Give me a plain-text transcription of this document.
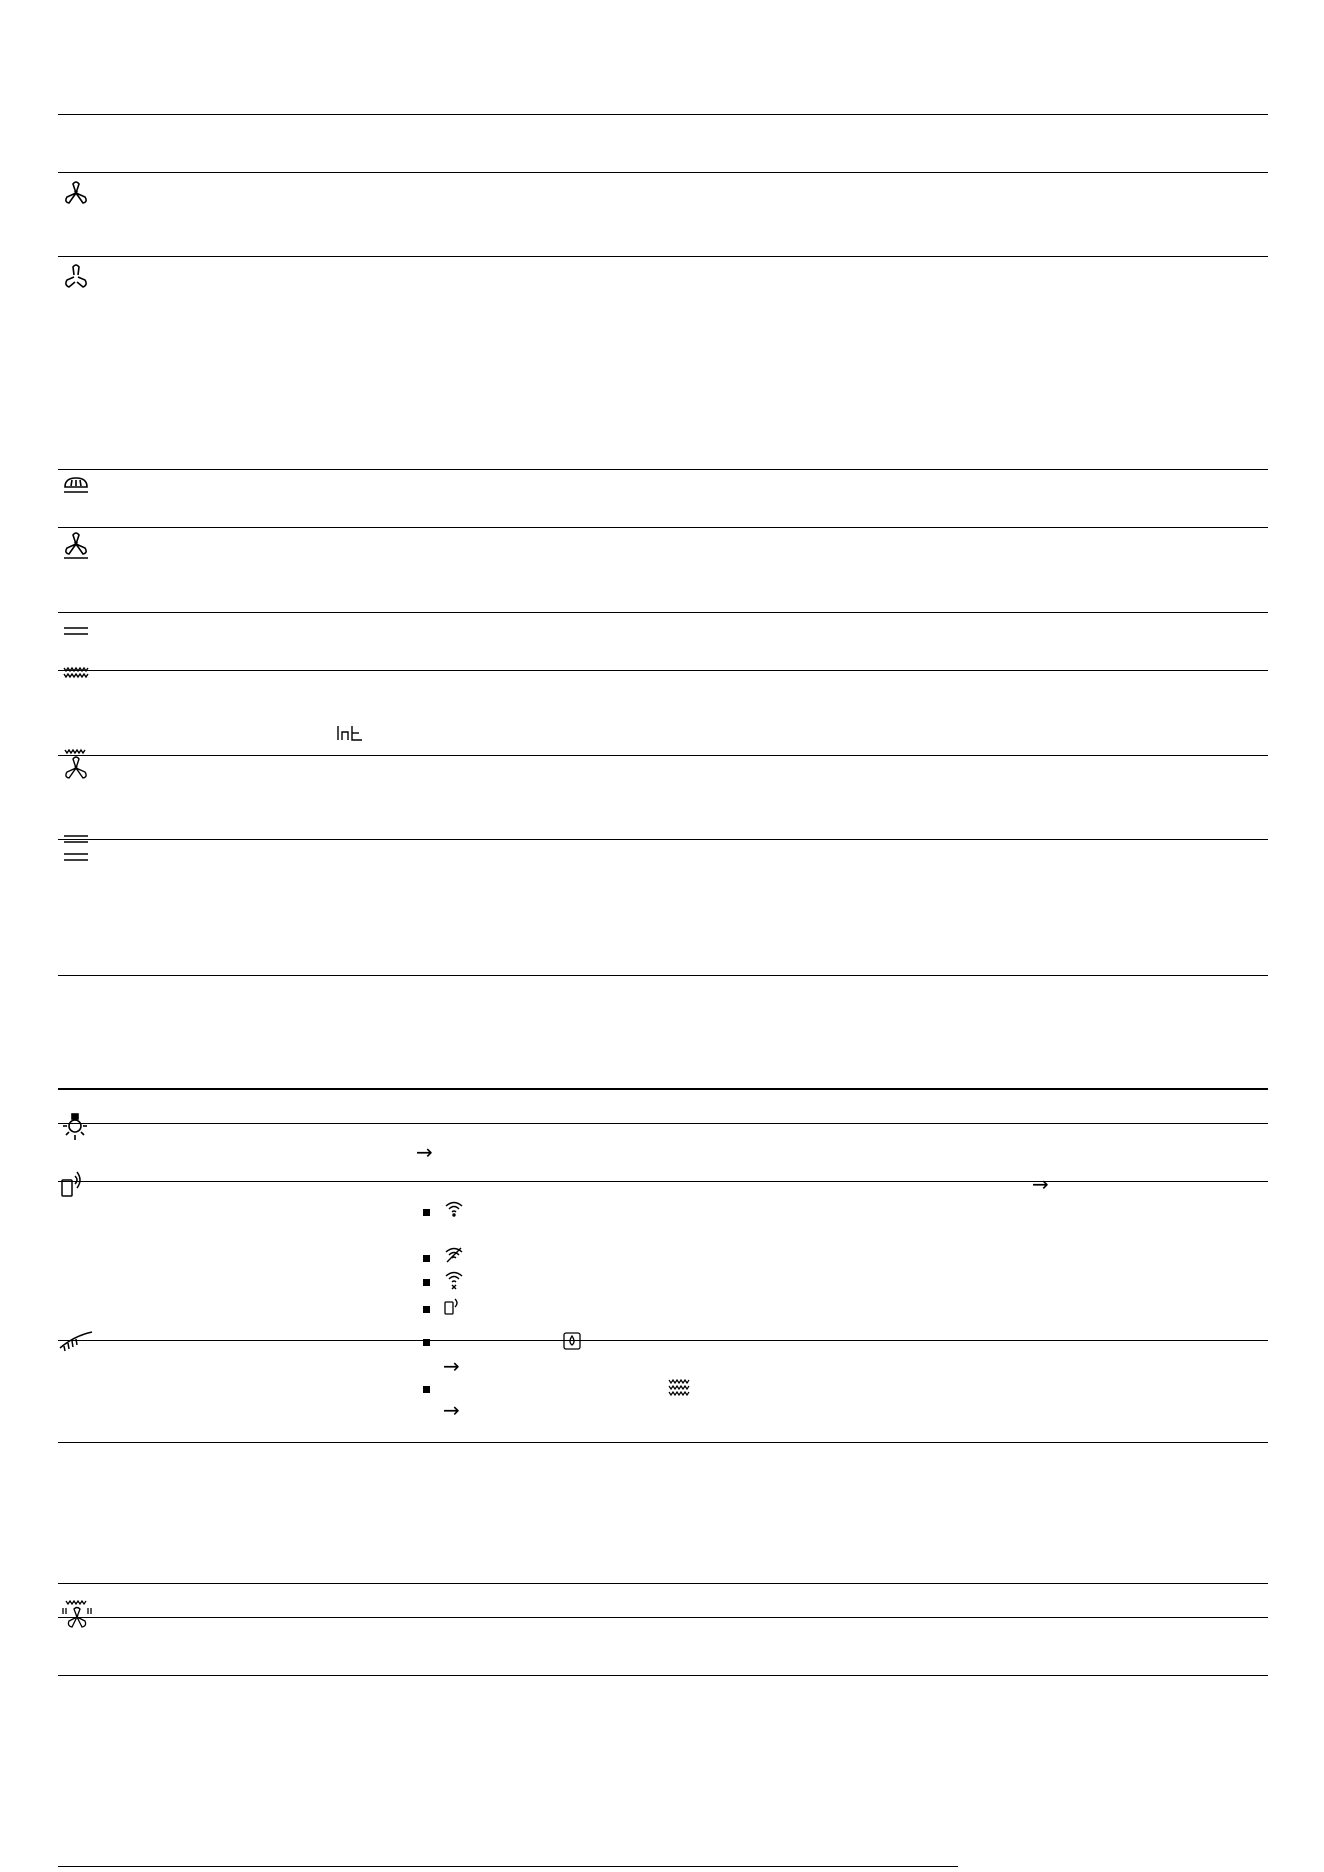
→
→
→
→
